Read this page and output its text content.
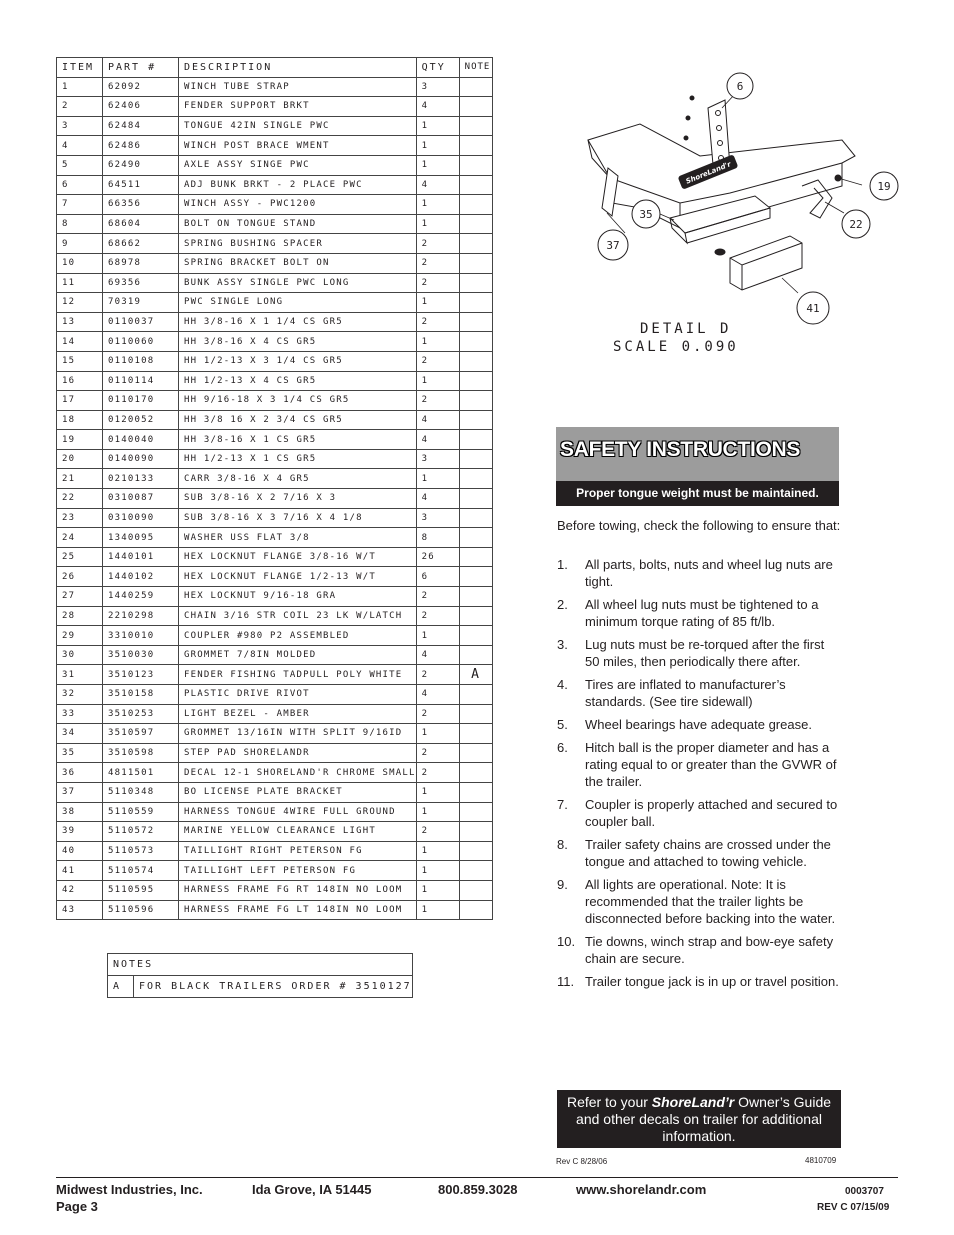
ITEM	PART #	DESCRIPTION	QTY	NOTE
1	62092	WINCH TUBE STRAP	3	
2	62406	FENDER SUPPORT BRKT	4	
3	62484	TONGUE 42IN SINGLE PWC	1	
4	62486	WINCH POST BRACE WMENT	1	
5	62490	AXLE ASSY SINGE PWC	1	
6	64511	ADJ BUNK BRKT - 2 PLACE PWC	4	
7	66356	WINCH ASSY - PWC1200	1	
8	68604	BOLT ON TONGUE STAND	1	
9	68662	SPRING BUSHING SPACER	2	
10	68978	SPRING BRACKET BOLT ON	2	
11	69356	BUNK ASSY SINGLE PWC LONG	2	
12	70319	PWC SINGLE LONG	1	
13	0110037	HH 3/8-16 X 1 1/4 CS GR5	2	
14	0110060	HH 3/8-16 X 4 CS GR5	1	
15	0110108	HH 1/2-13 X 3 1/4 CS GR5	2	
16	0110114	HH 1/2-13 X 4 CS GR5	1	
17	0110170	HH 9/16-18 X 3 1/4 CS GR5	2	
18	0120052	HH 3/8 16 X 2 3/4 CS GR5	4	
19	0140040	HH 3/8-16 X 1 CS GR5	4	
20	0140090	HH 1/2-13 X 1 CS GR5	3	
21	0210133	CARR 3/8-16 X 4 GR5	1	
22	0310087	SUB 3/8-16 X 2 7/16 X 3	4	
23	0310090	SUB 3/8-16 X 3 7/16 X 4 1/8	3	
24	1340095	WASHER USS FLAT 3/8	8	
25	1440101	HEX LOCKNUT FLANGE 3/8-16 W/T	26	
26	1440102	HEX LOCKNUT FLANGE 1/2-13 W/T	6	
27	1440259	HEX LOCKNUT 9/16-18 GRA	2	
28	2210298	CHAIN 3/16 STR COIL 23 LK W/LATCH	2	
29	3310010	COUPLER #980 P2 ASSEMBLED	1	
30	3510030	GROMMET 7/8IN MOLDED	4	
31	3510123	FENDER FISHING TADPULL POLY WHITE	2	A
32	3510158	PLASTIC DRIVE RIVOT	4	
33	3510253	LIGHT BEZEL - AMBER	2	
34	3510597	GROMMET 13/16IN WITH SPLIT 9/16ID	1	
35	3510598	STEP PAD SHORELANDR	2	
36	4811501	DECAL 12-1 SHORELAND'R CHROME SMALL	2	
37	5110348	BO LICENSE PLATE BRACKET	1	
38	5110559	HARNESS TONGUE 4WIRE FULL GROUND	1	
39	5110572	MARINE YELLOW CLEARANCE LIGHT	2	
40	5110573	TAILLIGHT RIGHT PETERSON FG	1	
41	5110574	TAILLIGHT LEFT PETERSON FG	1	
42	5110595	HARNESS FRAME FG RT 148IN NO LOOM	1	
43	5110596	HARNESS FRAME FG LT 148IN NO LOOM	1	
NOTES
A	FOR BLACK TRAILERS ORDER # 3510127
ShoreLand'r
6
19
22
35
37
41
DETAIL D
SCALE 0.090
SAFETY INSTRUCTIONS
Proper tongue weight must be maintained.
Before towing, check the following to ensure that:
1. All parts, bolts, nuts and wheel lug nuts are tight.
2. All wheel lug nuts must be tightened to a minimum torque rating of 85 ft/lb.
3. Lug nuts must be re-torqued after the first 50 miles, then periodically there after.
4. Tires are inflated to manufacturer’s standards. (See tire sidewall)
5. Wheel bearings have adequate grease.
6. Hitch ball is the proper diameter and has a rating equal to or greater than the GVWR of the trailer.
7. Coupler is properly attached and secured to coupler ball.
8. Trailer safety chains are crossed under the tongue and attached to towing vehicle.
9. All lights are operational. Note: It is recommended that the trailer lights be disconnected before backing into the water.
10. Tie downs, winch strap and bow-eye safety chain are secure.
11. Trailer tongue jack is in up or travel position.
Refer to your ShoreLand’r Owner’s Guide and other decals on trailer for additional information.
Rev C 8/28/06	4810709
Midwest Industries, Inc.
Page 3
Ida Grove, IA 51445	800.859.3028	www.shorelandr.com	0003707
REV C 07/15/09
